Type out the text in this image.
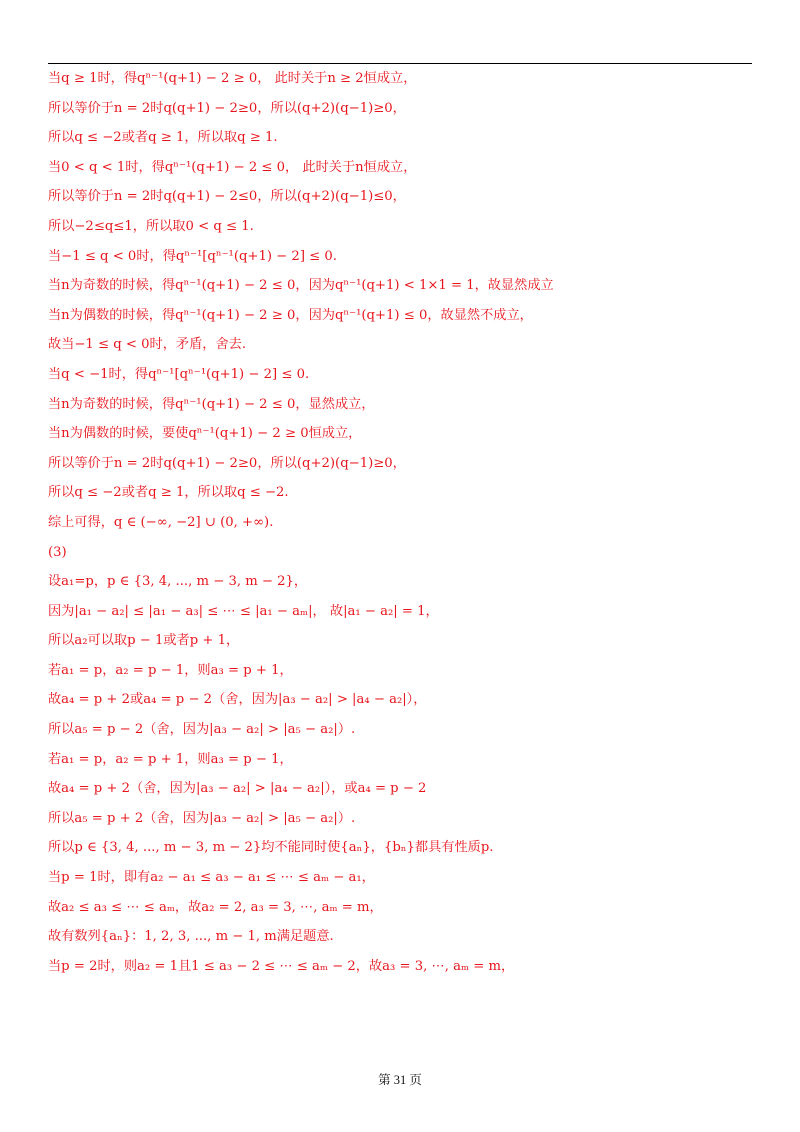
当q ≥ 1时，得qⁿ⁻¹(q+1) − 2 ≥ 0， 此时关于n ≥ 2恒成立，
所以等价于n = 2时q(q+1) − 2≥0，所以(q+2)(q−1)≥0，
所以q ≤ −2或者q ≥ 1，所以取q ≥ 1.
当0 < q < 1时，得qⁿ⁻¹(q+1) − 2 ≤ 0， 此时关于n恒成立，
所以等价于n = 2时q(q+1) − 2≤0，所以(q+2)(q−1)≤0，
所以−2≤q≤1，所以取0 < q ≤ 1.
当−1 ≤ q < 0时，得qⁿ⁻¹[qⁿ⁻¹(q+1) − 2] ≤ 0.
当n为奇数的时候，得qⁿ⁻¹(q+1) − 2 ≤ 0，因为qⁿ⁻¹(q+1) < 1×1 = 1，故显然成立
当n为偶数的时候，得qⁿ⁻¹(q+1) − 2 ≥ 0，因为qⁿ⁻¹(q+1) ≤ 0，故显然不成立，
故当−1 ≤ q < 0时，矛盾，舍去.
当q < −1时，得qⁿ⁻¹[qⁿ⁻¹(q+1) − 2] ≤ 0.
当n为奇数的时候，得qⁿ⁻¹(q+1) − 2 ≤ 0，显然成立，
当n为偶数的时候，要使qⁿ⁻¹(q+1) − 2 ≥ 0恒成立，
所以等价于n = 2时q(q+1) − 2≥0，所以(q+2)(q−1)≥0，
所以q ≤ −2或者q ≥ 1，所以取q ≤ −2.
综上可得，q ∈ (−∞, −2] ∪ (0, +∞).
(3)
设a₁=p，p ∈ {3, 4, ..., m − 3, m − 2}，
因为|a₁ − a₂| ≤ |a₁ − a₃| ≤ ⋯ ≤ |a₁ − aₘ|， 故|a₁ − a₂| = 1，
所以a₂可以取p − 1或者p + 1，
若a₁ = p，a₂ = p − 1，则a₃ = p + 1，
故a₄ = p + 2或a₄ = p − 2（舍，因为|a₃ − a₂| > |a₄ − a₂|），
所以a₅ = p − 2（舍，因为|a₃ − a₂| > |a₅ − a₂|）.
若a₁ = p，a₂ = p + 1，则a₃ = p − 1，
故a₄ = p + 2（舍，因为|a₃ − a₂| > |a₄ − a₂|），或a₄ = p − 2
所以a₅ = p + 2（舍，因为|a₃ − a₂| > |a₅ − a₂|）.
所以p ∈ {3, 4, ..., m − 3, m − 2}均不能同时使{aₙ}，{bₙ}都具有性质p.
当p = 1时，即有a₂ − a₁ ≤ a₃ − a₁ ≤ ⋯ ≤ aₘ − a₁，
故a₂ ≤ a₃ ≤ ⋯ ≤ aₘ，故a₂ = 2, a₃ = 3, ⋯, aₘ = m，
故有数列{aₙ}：1, 2, 3, ..., m − 1, m满足题意.
当p = 2时，则a₂ = 1且1 ≤ a₃ − 2 ≤ ⋯ ≤ aₘ − 2，故a₃ = 3, ⋯, aₘ = m，
第 31 页
